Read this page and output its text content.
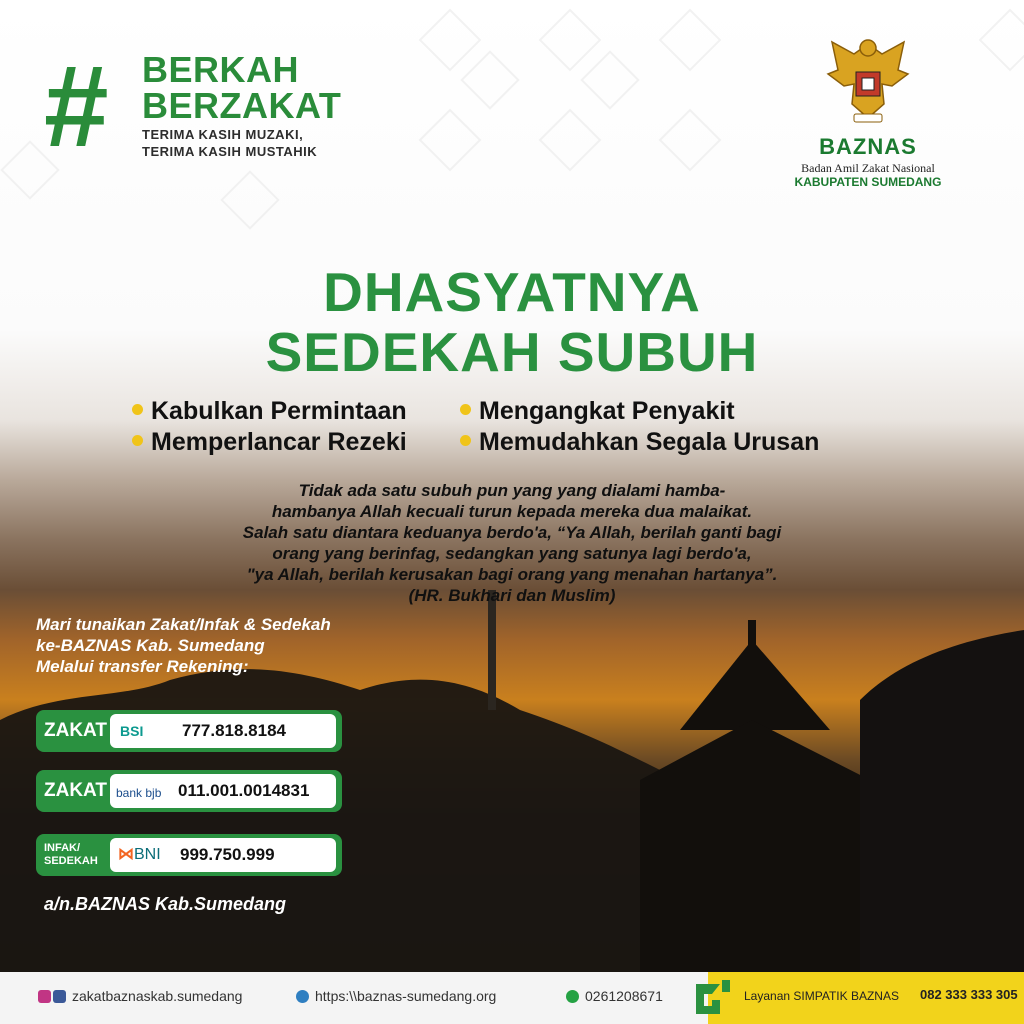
# BERKAH
BERZAKAT
TERIMA KASIH MUZAKI,
TERIMA KASIH MUSTAHIK	BAZNAS
Badan Amil Zakat Nasional
KABUPATEN SUMEDANG
DHASYATNYA
SEDEKAH SUBUH
Kabulkan Permintaan	Mengangkat Penyakit
Memperlancar Rezeki	Memudahkan Segala Urusan
Tidak ada satu subuh pun yang yang dialami hamba-
hambanya Allah kecuali turun kepada mereka dua malaikat.
Salah satu diantara keduanya berdo'a, “Ya Allah, berilah ganti bagi
orang yang berinfag, sedangkan yang satunya lagi berdo'a,
"ya Allah, berilah kerusakan bagi orang yang menahan hartanya”.
(HR. Bukhari dan Muslim)
Mari tunaikan Zakat/Infak & Sedekah
ke-BAZNAS Kab. Sumedang
Melalui transfer Rekening:
ZAKAT BSI 777.818.8184
ZAKAT bank bjb 011.001.0014831
INFAK/
SEDEKAH ⋈BNI 999.750.999
a/n.BAZNAS Kab.Sumedang
zakatbaznaskab.sumedang	https:\\baznas-sumedang.org	0261208671	Layanan SIMPATIK BAZNAS 082 333 333 305
